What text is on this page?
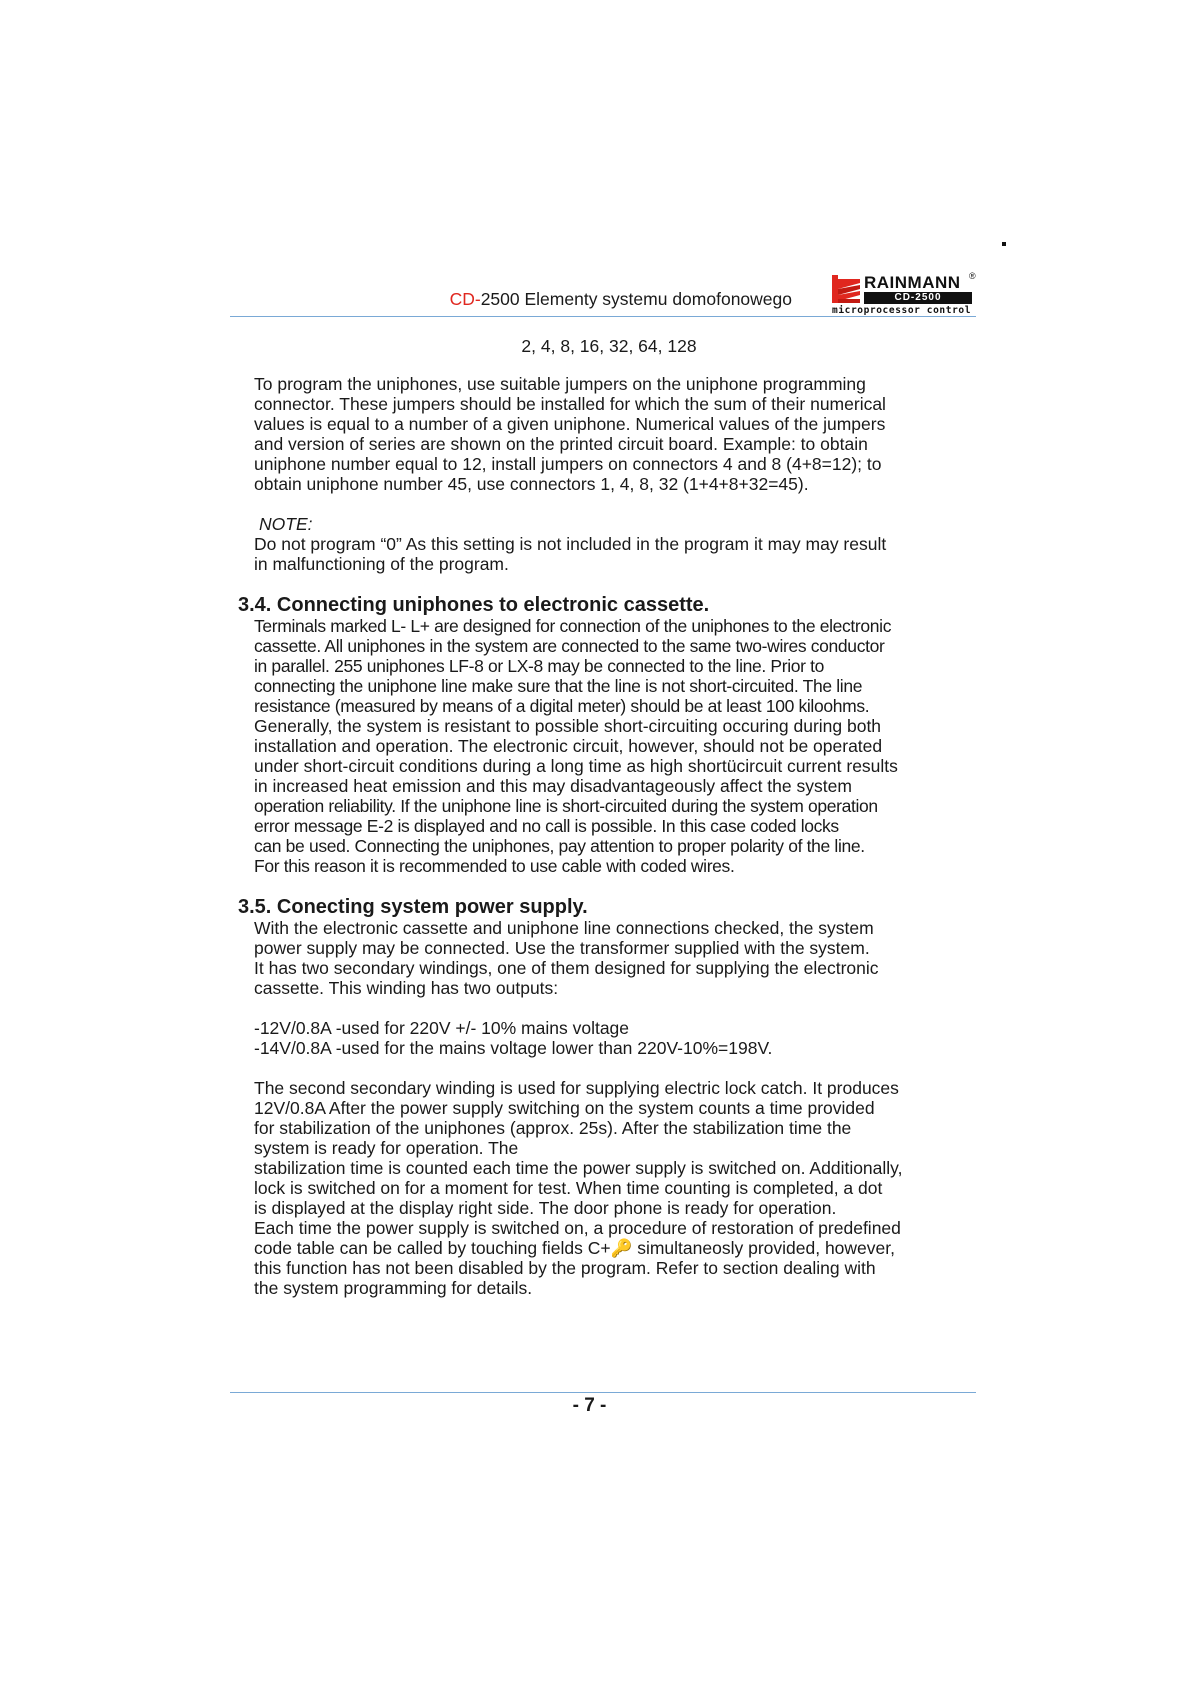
CD-2500 Elementy systemu domofonowego
RAINMANN ®
CD-2500
microprocessor control
2, 4, 8, 16, 32, 64, 128

To program the uniphones, use suitable jumpers on the uniphone programming
connector. These jumpers should be installed for which the sum of their numerical
values is equal to a number of a given uniphone. Numerical values of the jumpers
and version of series are shown on the printed circuit board. Example: to obtain
uniphone number equal to 12, install jumpers on connectors 4 and 8 (4+8=12); to
obtain uniphone number 45, use connectors 1, 4, 8, 32 (1+4+8+32=45).

NOTE:

Do not program “0” As this setting is not included in the program it may may result
in malfunctioning of the program.

3.4. Connecting uniphones to electronic cassette.

Terminals marked L- L+ are designed for connection of the uniphones to the electronic
cassette. All uniphones in the system are connected to the same two-wires conductor
in parallel. 255 uniphones LF-8 or LX-8 may be connected to the line. Prior to
connecting the uniphone line make sure that the line is not short-circuited. The line
resistance (measured by means of a digital meter) should be at least 100 kiloohms.

Generally, the system is resistant to possible short-circuiting occuring during both
installation and operation. The electronic circuit, however, should not be operated
under short-circuit conditions during a long time as high shortücircuit current results
in increased heat emission and this may disadvantageously affect the system

operation reliability. If the uniphone line is short-circuited during the system operation
error message E-2 is displayed and no call is possible. In this case coded locks
can be used. Connecting the uniphones, pay attention to proper polarity of the line.
For this reason it is recommended to use cable with coded wires.

3.5. Conecting system power supply.

With the electronic cassette and uniphone line connections checked, the system
power supply may be connected. Use the transformer supplied with the system.
It has two secondary windings, one of them designed for supplying the electronic
cassette. This winding has two outputs:

-12V/0.8A -used for 220V +/- 10% mains voltage
-14V/0.8A -used for the mains voltage lower than 220V-10%=198V.

The second secondary winding is used for supplying electric lock catch. It produces
12V/0.8A After the power supply switching on the system counts a time provided
for stabilization of the uniphones (approx. 25s). After the stabilization time the
system is ready for operation. The
stabilization time is counted each time the power supply is switched on. Additionally,
lock is switched on for a moment for test. When time counting is completed, a dot
is displayed at the display right side. The door phone is ready for operation.
Each time the power supply is switched on, a procedure of restoration of predefined
code table can be called by touching fields C+🔑 simultaneosly provided, however,
this function has not been disabled by the program. Refer to section dealing with
the system programming for details.

- 7 -
